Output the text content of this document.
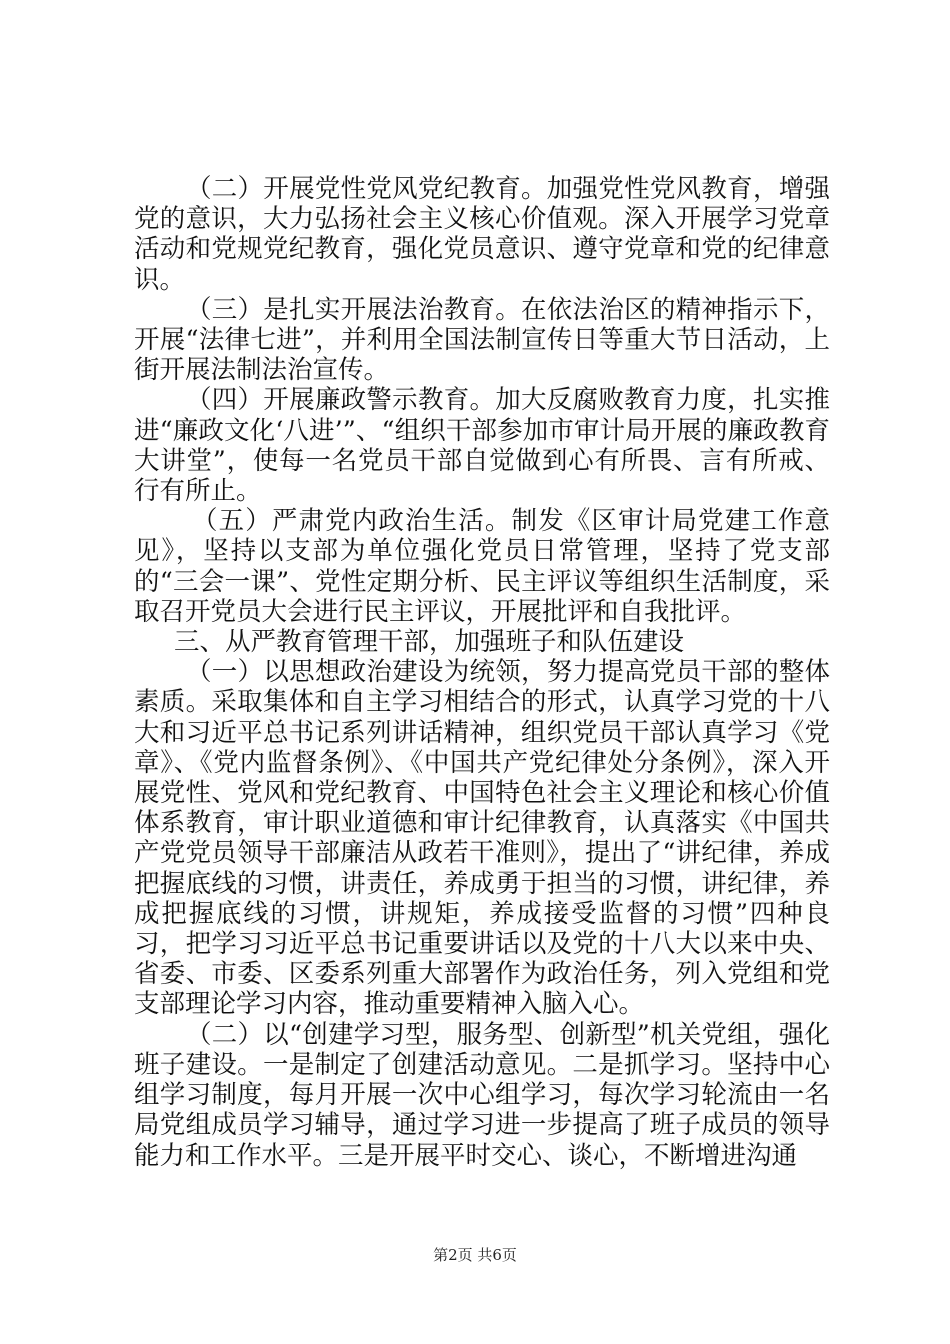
（二）开展党性党风党纪教育。加强党性党风教育，增强党的意识，大力弘扬社会主义核心价值观。深入开展学习党章活动和党规党纪教育，强化党员意识、遵守党章和党的纪律意识。

（三）是扎实开展法治教育。在依法治区的精神指示下，开展“法律七进”，并利用全国法制宣传日等重大节日活动，上街开展法制法治宣传。

（四）开展廉政警示教育。加大反腐败教育力度，扎实推进“廉政文化‘八进’”、“组织干部参加市审计局开展的廉政教育大讲堂”，使每一名党员干部自觉做到心有所畏、言有所戒、行有所止。

（五）严肃党内政治生活。制发《区审计局党建工作意见》，坚持以支部为单位强化党员日常管理，坚持了党支部的“三会一课”、党性定期分析、民主评议等组织生活制度，采取召开党员大会进行民主评议，开展批评和自我批评。

三、从严教育管理干部，加强班子和队伍建设

（一）以思想政治建设为统领，努力提高党员干部的整体素质。采取集体和自主学习相结合的形式，认真学习党的十八大和习近平总书记系列讲话精神，组织党员干部认真学习《党章》、《党内监督条例》、《中国共产党纪律处分条例》，深入开展党性、党风和党纪教育、中国特色社会主义理论和核心价值体系教育，审计职业道德和审计纪律教育，认真落实《中国共产党党员领导干部廉洁从政若干准则》，提出了“讲纪律，养成把握底线的习惯，讲责任，养成勇于担当的习惯，讲纪律，养成把握底线的习惯，讲规矩，养成接受监督的习惯”四种良习，把学习习近平总书记重要讲话以及党的十八大以来中央、省委、市委、区委系列重大部署作为政治任务，列入党组和党支部理论学习内容，推动重要精神入脑入心。

（二）以“创建学习型，服务型、创新型”机关党组，强化班子建设。一是制定了创建活动意见。二是抓学习。坚持中心组学习制度，每月开展一次中心组学习，每次学习轮流由一名局党组成员学习辅导，通过学习进一步提高了班子成员的领导能力和工作水平。三是开展平时交心、谈心，不断增进沟通

第2页 共6页
